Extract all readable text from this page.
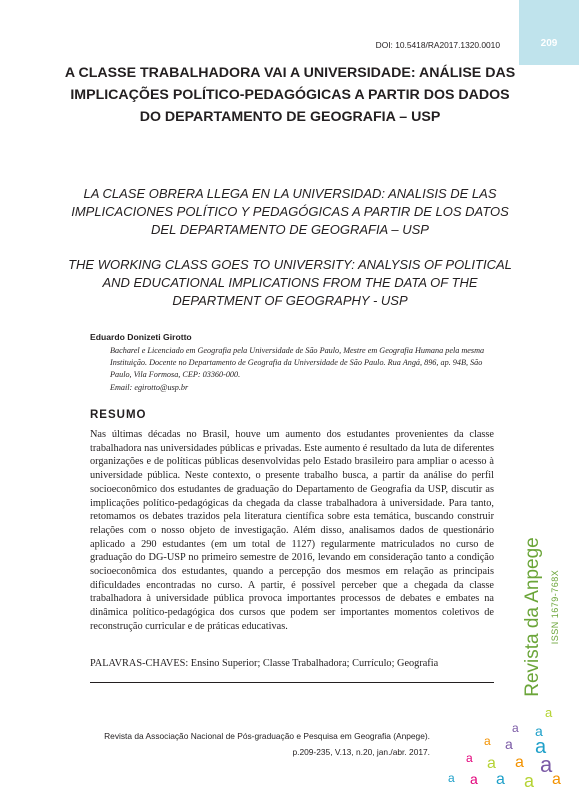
209
DOI: 10.5418/RA2017.1320.0010
A CLASSE TRABALHADORA VAI A UNIVERSIDADE: ANÁLISE DAS IMPLICAÇÕES POLÍTICO-PEDAGÓGICAS A PARTIR DOS DADOS DO DEPARTAMENTO DE GEOGRAFIA – USP
LA CLASE OBRERA LLEGA EN LA UNIVERSIDAD: ANALISIS DE LAS IMPLICACIONES POLÍTICO Y PEDAGÓGICAS A PARTIR DE LOS DATOS DEL DEPARTAMENTO DE GEOGRAFIA – USP
THE WORKING CLASS GOES TO UNIVERSITY: ANALYSIS OF POLITICAL AND EDUCATIONAL IMPLICATIONS FROM THE DATA OF THE DEPARTMENT OF GEOGRAPHY - USP
Eduardo Donizeti Girotto
Bacharel e Licenciado em Geografia pela Universidade de São Paulo, Mestre em Geografia Humana pela mesma Instituição. Docente no Departamento de Geografia da Universidade de São Paulo. Rua Angá, 896, ap. 94B, São Paulo, Vila Formosa, CEP: 03360-000.
Email: egirotto@usp.br
RESUMO

Nas últimas décadas no Brasil, houve um aumento dos estudantes provenientes da classe trabalhadora nas universidades públicas e privadas. Este aumento é resultado da luta de diferentes organizações e de políticas públicas desenvolvidas pelo Estado brasileiro para ampliar o acesso à universidade pública. Neste contexto, o presente trabalho busca, a partir da análise do perfil socioeconômico dos estudantes de graduação do Departamento de Geografia da USP, discutir as implicações político-pedagógicas da chegada da classe trabalhadora à universidade. Para tanto, retomamos os debates trazidos pela literatura científica sobre esta temática, buscando construir relações com o nosso objeto de investigação. Além disso, analisamos dados de questionário aplicado a 290 estudantes (em um total de 1127) regularmente matriculados no curso de graduação do DG-USP no primeiro semestre de 2016, levando em consideração tanto a condição socioeconômica dos estudantes, quando a percepção dos mesmos em relação as principais dificuldades encontradas no curso. A partir, é possível perceber que a chegada da classe trabalhadora à universidade pública provoca importantes processos de debates e embates na dinâmica político-pedagógica dos cursos que podem ser importantes momentos coletivos de reconstrução curricular e de práticas educativas.

PALAVRAS-CHAVES: Ensino Superior; Classe Trabalhadora; Currículo; Geografia
Revista da Associação Nacional de Pós-graduação e Pesquisa em Geografia (Anpege).
p.209-235, V.13, n.20, jan./abr. 2017.
Revista da Anpege ISSN 1679-768X
a
a a
a a a
a a a a
a a a a a
